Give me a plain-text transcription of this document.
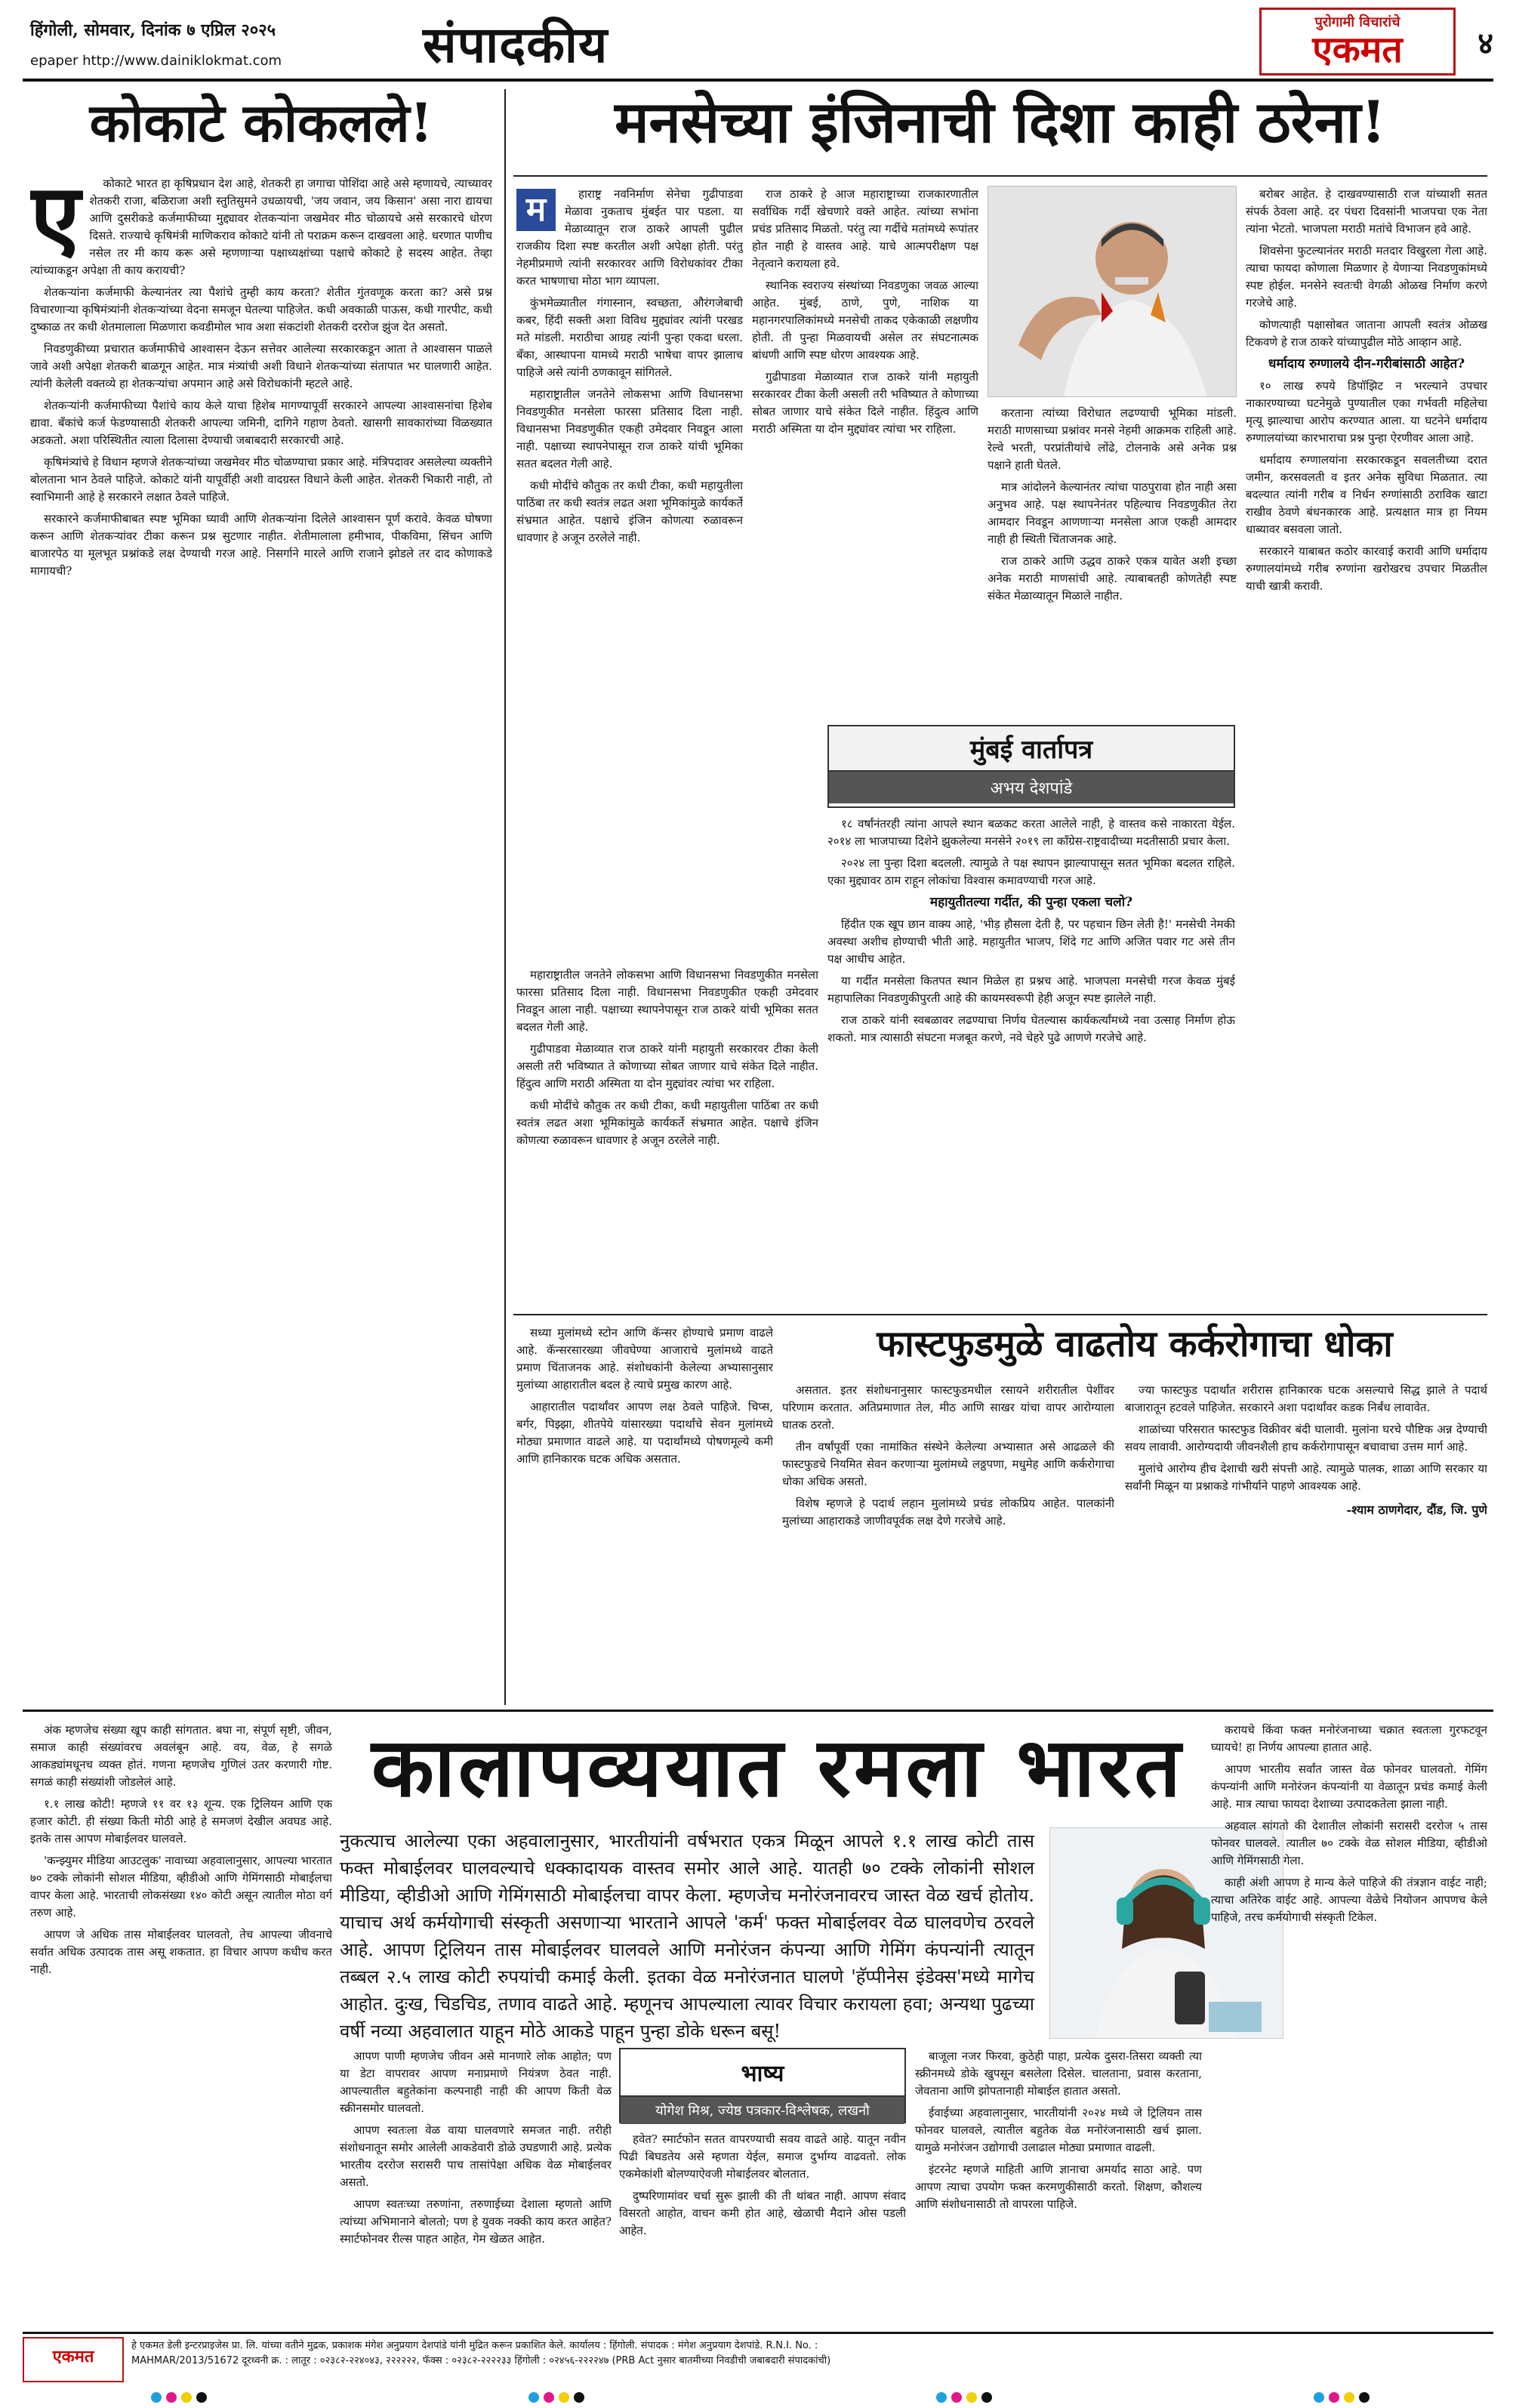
हिंगोली, सोमवार, दिनांक ७ एप्रिल २०२५
epaper http://www.dainiklokmat.com	संपादकीय	पुरोगामी विचारांचे
एकमत	४
कोकाटे कोकलले!
ए	कोकाटे भारत हा कृषिप्रधान देश आहे, शेतकरी हा जगाचा पोशिंदा आहे असे म्हणायचे, त्याच्यावर शेतकरी राजा, बळिराजा अशी स्तुतिसुमने उधळायची, 'जय जवान, जय किसान' असा नारा द्यायचा आणि दुसरीकडे कर्जमाफीच्या मुद्द्यावर शेतकऱ्यांना जखमेवर मीठ चोळायचे असे सरकारचे धोरण दिसते. राज्याचे कृषिमंत्री माणिकराव कोकाटे यांनी तो पराक्रम करून दाखवला आहे. धरणात पाणीच नसेल तर मी काय करू असे म्हणणाऱ्या पक्षाध्यक्षांच्या पक्षाचे कोकाटे हे सदस्य आहेत. तेव्हा त्यांच्याकडून अपेक्षा ती काय करायची?

शेतकऱ्यांना कर्जमाफी केल्यानंतर त्या पैशांचे तुम्ही काय करता? शेतीत गुंतवणूक करता का? असे प्रश्न विचारणाऱ्या कृषिमंत्र्यांनी शेतकऱ्यांच्या वेदना समजून घेतल्या पाहिजेत. कधी अवकाळी पाऊस, कधी गारपीट, कधी दुष्काळ तर कधी शेतमालाला मिळणारा कवडीमोल भाव अशा संकटांशी शेतकरी दररोज झुंज देत असतो.

निवडणुकीच्या प्रचारात कर्जमाफीचे आश्वासन देऊन सत्तेवर आलेल्या सरकारकडून आता ते आश्वासन पाळले जावे अशी अपेक्षा शेतकरी बाळगून आहेत. मात्र मंत्र्यांची अशी विधाने शेतकऱ्यांच्या संतापात भर घालणारी आहेत. त्यांनी केलेली वक्तव्ये हा शेतकऱ्यांचा अपमान आहे असे विरोधकांनी म्हटले आहे.

शेतकऱ्यांनी कर्जमाफीच्या पैशांचे काय केले याचा हिशेब मागण्यापूर्वी सरकारने आपल्या आश्वासनांचा हिशेब द्यावा. बँकांचे कर्ज फेडण्यासाठी शेतकरी आपल्या जमिनी, दागिने गहाण ठेवतो. खासगी सावकारांच्या विळख्यात अडकतो. अशा परिस्थितीत त्याला दिलासा देण्याची जबाबदारी सरकारची आहे.

कृषिमंत्र्यांचे हे विधान म्हणजे शेतकऱ्यांच्या जखमेवर मीठ चोळण्याचा प्रकार आहे. मंत्रिपदावर असलेल्या व्यक्तीने बोलताना भान ठेवले पाहिजे. कोकाटे यांनी यापूर्वीही अशी वादग्रस्त विधाने केली आहेत. शेतकरी भिकारी नाही, तो स्वाभिमानी आहे हे सरकारने लक्षात ठेवले पाहिजे.

सरकारने कर्जमाफीबाबत स्पष्ट भूमिका घ्यावी आणि शेतकऱ्यांना दिलेले आश्वासन पूर्ण करावे. केवळ घोषणा करून आणि शेतकऱ्यांवर टीका करून प्रश्न सुटणार नाहीत. शेतीमालाला हमीभाव, पीकविमा, सिंचन आणि बाजारपेठ या मूलभूत प्रश्नांकडे लक्ष देण्याची गरज आहे. निसर्गाने मारले आणि राजाने झोडले तर दाद कोणाकडे मागायची?

मनसेच्या इंजिनाची दिशा काही ठरेना!
म	हाराष्ट्र नवनिर्माण सेनेचा गुढीपाडवा मेळावा नुकताच मुंबईत पार पडला. या मेळाव्यातून राज ठाकरे आपली पुढील राजकीय दिशा स्पष्ट करतील अशी अपेक्षा होती. परंतु नेहमीप्रमाणे त्यांनी सरकारवर आणि विरोधकांवर टीका करत भाषणाचा मोठा भाग व्यापला.

कुंभमेळ्यातील गंगास्नान, स्वच्छता, औरंगजेबाची कबर, हिंदी सक्ती अशा विविध मुद्द्यांवर त्यांनी परखड मते मांडली. मराठीचा आग्रह त्यांनी पुन्हा एकदा धरला. बँका, आस्थापना यामध्ये मराठी भाषेचा वापर झालाच पाहिजे असे त्यांनी ठणकावून सांगितले.

महाराष्ट्रातील जनतेने लोकसभा आणि विधानसभा निवडणुकीत मनसेला फारसा प्रतिसाद दिला नाही. विधानसभा निवडणुकीत एकही उमेदवार निवडून आला नाही. पक्षाच्या स्थापनेपासून राज ठाकरे यांची भूमिका सतत बदलत गेली आहे.

कधी मोदींचे कौतुक तर कधी टीका, कधी महायुतीला पाठिंबा तर कधी स्वतंत्र लढत अशा भूमिकांमुळे कार्यकर्ते संभ्रमात आहेत. पक्षाचे इंजिन कोणत्या रुळावरून धावणार हे अजून ठरलेले नाही.

राज ठाकरे हे आज महाराष्ट्राच्या राजकारणातील सर्वाधिक गर्दी खेचणारे वक्ते आहेत. त्यांच्या सभांना प्रचंड प्रतिसाद मिळतो. परंतु त्या गर्दीचे मतांमध्ये रूपांतर होत नाही हे वास्तव आहे. याचे आत्मपरीक्षण पक्ष नेतृत्वाने करायला हवे.

स्थानिक स्वराज्य संस्थांच्या निवडणुका जवळ आल्या आहेत. मुंबई, ठाणे, पुणे, नाशिक या महानगरपालिकांमध्ये मनसेची ताकद एकेकाळी लक्षणीय होती. ती पुन्हा मिळवायची असेल तर संघटनात्मक बांधणी आणि स्पष्ट धोरण आवश्यक आहे.

गुढीपाडवा मेळाव्यात राज ठाकरे यांनी महायुती सरकारवर टीका केली असली तरी भविष्यात ते कोणाच्या सोबत जाणार याचे संकेत दिले नाहीत. हिंदुत्व आणि मराठी अस्मिता या दोन मुद्द्यांवर त्यांचा भर राहिला.

करताना त्यांच्या विरोधात लढण्याची भूमिका मांडली. मराठी माणसाच्या प्रश्नांवर मनसे नेहमी आक्रमक राहिली आहे. रेल्वे भरती, परप्रांतीयांचे लोंढे, टोलनाके असे अनेक प्रश्न पक्षाने हाती घेतले.

मात्र आंदोलने केल्यानंतर त्यांचा पाठपुरावा होत नाही असा अनुभव आहे. पक्ष स्थापनेनंतर पहिल्याच निवडणुकीत तेरा आमदार निवडून आणणाऱ्या मनसेला आज एकही आमदार नाही ही स्थिती चिंताजनक आहे.

राज ठाकरे आणि उद्धव ठाकरे एकत्र यावेत अशी इच्छा अनेक मराठी माणसांची आहे. त्याबाबतही कोणतेही स्पष्ट संकेत मेळाव्यातून मिळाले नाहीत.

बरोबर आहेत. हे दाखवण्यासाठी राज यांच्याशी सतत संपर्क ठेवला आहे. दर पंधरा दिवसांनी भाजपचा एक नेता त्यांना भेटतो. भाजपला मराठी मतांचे विभाजन हवे आहे.

शिवसेना फुटल्यानंतर मराठी मतदार विखुरला गेला आहे. त्याचा फायदा कोणाला मिळणार हे येणाऱ्या निवडणुकांमध्ये स्पष्ट होईल. मनसेने स्वतःची वेगळी ओळख निर्माण करणे गरजेचे आहे.

कोणत्याही पक्षासोबत जाताना आपली स्वतंत्र ओळख टिकवणे हे राज ठाकरे यांच्यापुढील मोठे आव्हान आहे.

धर्मादाय रुग्णालये दीन-गरीबांसाठी आहेत?

१० लाख रुपये डिपॉझिट न भरल्याने उपचार नाकारण्याच्या घटनेमुळे पुण्यातील एका गर्भवती महिलेचा मृत्यू झाल्याचा आरोप करण्यात आला. या घटनेने धर्मादाय रुग्णालयांच्या कारभाराचा प्रश्न पुन्हा ऐरणीवर आला आहे.

धर्मादाय रुग्णालयांना सरकारकडून सवलतीच्या दरात जमीन, करसवलती व इतर अनेक सुविधा मिळतात. त्या बदल्यात त्यांनी गरीब व निर्धन रुग्णांसाठी ठराविक खाटा राखीव ठेवणे बंधनकारक आहे. प्रत्यक्षात मात्र हा नियम धाब्यावर बसवला जातो.

सरकारने याबाबत कठोर कारवाई करावी आणि धर्मादाय रुग्णालयांमध्ये गरीब रुग्णांना खरोखरच उपचार मिळतील याची खात्री करावी.

मुंबई वार्तापत्र
अभय देशपांडे

१८ वर्षांनंतरही त्यांना आपले स्थान बळकट करता आलेले नाही, हे वास्तव कसे नाकारता येईल. २०१४ ला भाजपाच्या दिशेने झुकलेल्या मनसेने २०१९ ला काँग्रेस-राष्ट्रवादीच्या मदतीसाठी प्रचार केला.

२०२४ ला पुन्हा दिशा बदलली. त्यामुळे ते पक्ष स्थापन झाल्यापासून सतत भूमिका बदलत राहिले. एका मुद्द्यावर ठाम राहून लोकांचा विश्वास कमावण्याची गरज आहे.

महायुतीतल्या गर्दीत, की पुन्हा एकला चलो?

हिंदीत एक खूप छान वाक्य आहे, 'भीड़ हौसला देती है, पर पहचान छिन लेती है!' मनसेची नेमकी अवस्था अशीच होण्याची भीती आहे. महायुतीत भाजप, शिंदे गट आणि अजित पवार गट असे तीन पक्ष आधीच आहेत.

या गर्दीत मनसेला कितपत स्थान मिळेल हा प्रश्नच आहे. भाजपला मनसेची गरज केवळ मुंबई महापालिका निवडणुकीपुरती आहे की कायमस्वरूपी हेही अजून स्पष्ट झालेले नाही.

राज ठाकरे यांनी स्वबळावर लढण्याचा निर्णय घेतल्यास कार्यकर्त्यांमध्ये नवा उत्साह निर्माण होऊ शकतो. मात्र त्यासाठी संघटना मजबूत करणे, नवे चेहरे पुढे आणणे गरजेचे आहे.

महाराष्ट्रातील जनतेने लोकसभा आणि विधानसभा निवडणुकीत मनसेला फारसा प्रतिसाद दिला नाही. विधानसभा निवडणुकीत एकही उमेदवार निवडून आला नाही. पक्षाच्या स्थापनेपासून राज ठाकरे यांची भूमिका सतत बदलत गेली आहे.

गुढीपाडवा मेळाव्यात राज ठाकरे यांनी महायुती सरकारवर टीका केली असली तरी भविष्यात ते कोणाच्या सोबत जाणार याचे संकेत दिले नाहीत. हिंदुत्व आणि मराठी अस्मिता या दोन मुद्द्यांवर त्यांचा भर राहिला.

कधी मोदींचे कौतुक तर कधी टीका, कधी महायुतीला पाठिंबा तर कधी स्वतंत्र लढत अशा भूमिकांमुळे कार्यकर्ते संभ्रमात आहेत. पक्षाचे इंजिन कोणत्या रुळावरून धावणार हे अजून ठरलेले नाही.

सध्या मुलांमध्ये स्टोन आणि कॅन्सर होण्याचे प्रमाण वाढले आहे. कॅन्सरसारख्या जीवघेण्या आजाराचे मुलांमध्ये वाढते प्रमाण चिंताजनक आहे. संशोधकांनी केलेल्या अभ्यासानुसार मुलांच्या आहारातील बदल हे त्याचे प्रमुख कारण आहे.

आहारातील पदार्थांवर आपण लक्ष ठेवले पाहिजे. चिप्स, बर्गर, पिझ्झा, शीतपेये यांसारख्या पदार्थांचे सेवन मुलांमध्ये मोठ्या प्रमाणात वाढले आहे. या पदार्थांमध्ये पोषणमूल्ये कमी आणि हानिकारक घटक अधिक असतात.

फास्टफुडमुळे वाढतोय कर्करोगाचा धोका

असतात. इतर संशोधनानुसार फास्टफुडमधील रसायने शरीरातील पेशींवर परिणाम करतात. अतिप्रमाणात तेल, मीठ आणि साखर यांचा वापर आरोग्याला घातक ठरतो.

तीन वर्षांपूर्वी एका नामांकित संस्थेने केलेल्या अभ्यासात असे आढळले की फास्टफुडचे नियमित सेवन करणाऱ्या मुलांमध्ये लठ्ठपणा, मधुमेह आणि कर्करोगाचा धोका अधिक असतो.

विशेष म्हणजे हे पदार्थ लहान मुलांमध्ये प्रचंड लोकप्रिय आहेत. पालकांनी मुलांच्या आहाराकडे जाणीवपूर्वक लक्ष देणे गरजेचे आहे.

ज्या फास्टफुड पदार्थांत शरीरास हानिकारक घटक असल्याचे सिद्ध झाले ते पदार्थ बाजारातून हटवले पाहिजेत. सरकारने अशा पदार्थांवर कडक निर्बंध लावावेत.

शाळांच्या परिसरात फास्टफुड विक्रीवर बंदी घालावी. मुलांना घरचे पौष्टिक अन्न देण्याची सवय लावावी. आरोग्यदायी जीवनशैली हाच कर्करोगापासून बचावाचा उत्तम मार्ग आहे.

मुलांचे आरोग्य हीच देशाची खरी संपत्ती आहे. त्यामुळे पालक, शाळा आणि सरकार या सर्वांनी मिळून या प्रश्नाकडे गांभीर्याने पाहणे आवश्यक आहे.

-श्याम ठाणगेदार, दौंड, जि. पुणे

अंक म्हणजेच संख्या खूप काही सांगतात. बघा ना, संपूर्ण सृष्टी, जीवन, समाज काही संख्यांवरच अवलंबून आहे. वय, वेळ, हे सगळे आकड्यांमधूनच व्यक्त होतं. गणना म्हणजेच गुणिलं उतर करणारी गोष्ट. सगळं काही संख्यांशी जोडलेलं आहे.

१.१ लाख कोटी! म्हणजे ११ वर १३ शून्य. एक ट्रिलियन आणि एक हजार कोटी. ही संख्या किती मोठी आहे हे समजणं देखील अवघड आहे. इतके तास आपण मोबाईलवर घालवले.

'कन्झ्युमर मीडिया आउटलुक' नावाच्या अहवालानुसार, आपल्या भारतात ७० टक्के लोकांनी सोशल मीडिया, व्हीडीओ आणि गेमिंगसाठी मोबाईलचा वापर केला आहे. भारताची लोकसंख्या १४० कोटी असून त्यातील मोठा वर्ग तरुण आहे.

आपण जे अधिक तास मोबाईलवर घालवतो, तेच आपल्या जीवनाचे सर्वात अधिक उत्पादक तास असू शकतात. हा विचार आपण कधीच करत नाही.

कालापव्ययात रमला भारत
नुकत्याच आलेल्या एका अहवालानुसार, भारतीयांनी वर्षभरात एकत्र मिळून आपले १.१ लाख कोटी तास फक्त मोबाईलवर घालवल्याचे धक्कादायक वास्तव समोर आले आहे. यातही ७० टक्के लोकांनी सोशल मीडिया, व्हीडीओ आणि गेमिंगसाठी मोबाईलचा वापर केला. म्हणजेच मनोरंजनावरच जास्त वेळ खर्च होतोय. याचाच अर्थ कर्मयोगाची संस्कृती असणाऱ्या भारताने आपले 'कर्म' फक्त मोबाईलवर वेळ घालवणेच ठरवले आहे. आपण ट्रिलियन तास मोबाईलवर घालवले आणि मनोरंजन कंपन्या आणि गेमिंग कंपन्यांनी त्यातून तब्बल २.५ लाख कोटी रुपयांची कमाई केली. इतका वेळ मनोरंजनात घालणे 'हॅप्पीनेस इंडेक्स'मध्ये मागेच आहोत. दुःख, चिडचिड, तणाव वाढते आहे. म्हणूनच आपल्याला त्यावर विचार करायला हवा; अन्यथा पुढच्या वर्षी नव्या अहवालात याहून मोठे आकडे पाहून पुन्हा डोके धरून बसू!

आपण पाणी म्हणजेच जीवन असे मानणारे लोक आहोत; पण या डेटा वापरावर आपण मनाप्रमाणे नियंत्रण ठेवत नाही. आपल्यातील बहुतेकांना कल्पनाही नाही की आपण किती वेळ स्क्रीनसमोर घालवतो.

आपण स्वतःला वेळ वाया घालवणारे समजत नाही. तरीही संशोधनातून समोर आलेली आकडेवारी डोळे उघडणारी आहे. प्रत्येक भारतीय दररोज सरासरी पाच तासांपेक्षा अधिक वेळ मोबाईलवर असतो.

आपण स्वतःच्या तरुणांना, तरुणाईच्या देशाला म्हणतो आणि त्यांच्या अभिमानाने बोलतो; पण हे युवक नक्की काय करत आहेत? स्मार्टफोनवर रील्स पाहत आहेत, गेम खेळत आहेत.

भाष्य
योगेश मिश्र, ज्येष्ठ पत्रकार-विश्लेषक, लखनौ

हवेत? स्मार्टफोन सतत वापरण्याची सवय वाढते आहे. यातून नवीन पिढी बिघडतेय असे म्हणता येईल, समाज दुर्भाग्य वाढवतो. लोक एकमेकांशी बोलण्याऐवजी मोबाईलवर बोलतात.

दुष्परिणामांवर चर्चा सुरू झाली की ती थांबत नाही. आपण संवाद विसरतो आहोत, वाचन कमी होत आहे, खेळाची मैदाने ओस पडली आहेत.

बाजूला नजर फिरवा, कुठेही पाहा, प्रत्येक दुसरा-तिसरा व्यक्ती त्या स्क्रीनमध्ये डोके खुपसून बसलेला दिसेल. चालताना, प्रवास करताना, जेवताना आणि झोपतानाही मोबाईल हातात असतो.

ईवाईच्या अहवालानुसार, भारतीयांनी २०२४ मध्ये जे ट्रिलियन तास फोनवर घालवले, त्यातील बहुतेक वेळ मनोरंजनासाठी खर्च झाला. यामुळे मनोरंजन उद्योगाची उलाढाल मोठ्या प्रमाणात वाढली.

इंटरनेट म्हणजे माहिती आणि ज्ञानाचा अमर्याद साठा आहे. पण आपण त्याचा उपयोग फक्त करमणुकीसाठी करतो. शिक्षण, कौशल्य आणि संशोधनासाठी तो वापरला पाहिजे.

करायचे किंवा फक्त मनोरंजनाच्या चक्रात स्वतःला गुरफटवून घ्यायचे! हा निर्णय आपल्या हातात आहे.

आपण भारतीय सर्वांत जास्त वेळ फोनवर घालवतो. गेमिंग कंपन्यांनी आणि मनोरंजन कंपन्यांनी या वेळातून प्रचंड कमाई केली आहे. मात्र त्याचा फायदा देशाच्या उत्पादकतेला झाला नाही.

अहवाल सांगतो की देशातील लोकांनी सरासरी दररोज ५ तास फोनवर घालवले. त्यातील ७० टक्के वेळ सोशल मीडिया, व्हीडीओ आणि गेमिंगसाठी गेला.

काही अंशी आपण हे मान्य केले पाहिजे की तंत्रज्ञान वाईट नाही; त्याचा अतिरेक वाईट आहे. आपल्या वेळेचे नियोजन आपणच केले पाहिजे, तरच कर्मयोगाची संस्कृती टिकेल.

एकमत
हे एकमत डेली इन्टरप्राइजेस प्रा. लि. यांच्या वतीने मुद्रक, प्रकाशक मंगेश अनुप्रयाग देशपांडे यांनी मुद्रित करून प्रकाशित केले. कार्यालय : हिंगोली. संपादक : मंगेश अनुप्रयाग देशपांडे. R.N.I. No. :
MAHMAR/2013/51672 दूरध्वनी क्र. : लातूर : ०२३८२-२२४०४३, २२२२२२, फॅक्स : ०२३८२-२२२२३३ हिंगोली : ०२४५६-२२२२४७ (PRB Act नुसार बातमीच्या निवडीची जबाबदारी संपादकांची)
